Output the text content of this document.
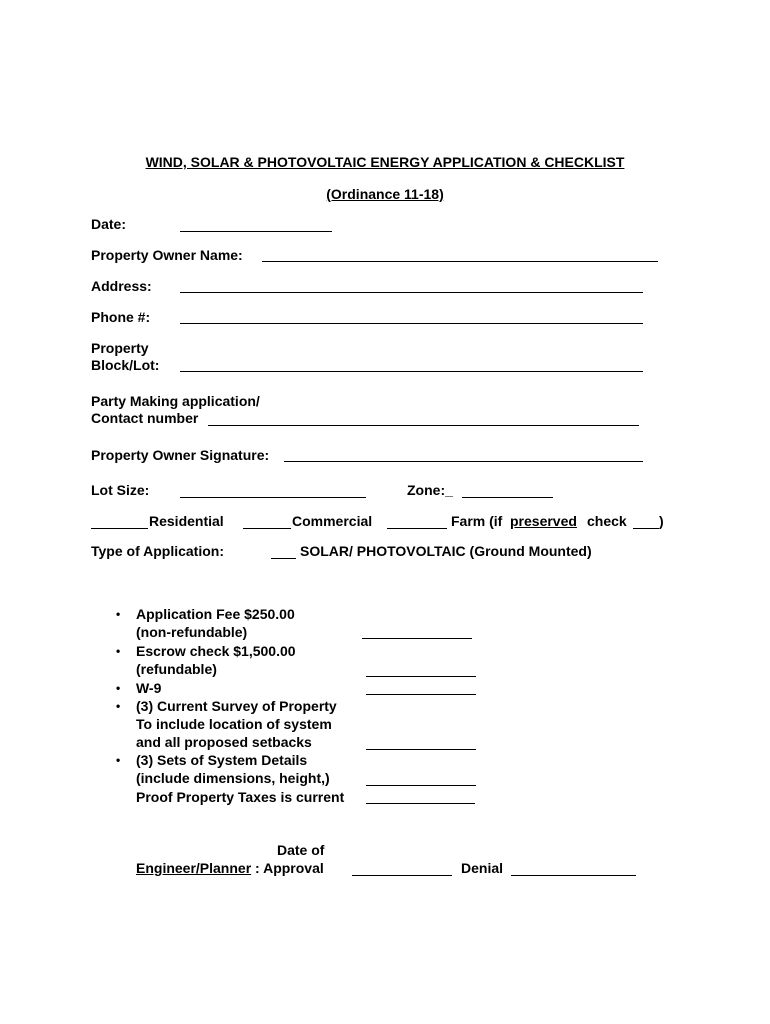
WIND, SOLAR & PHOTOVOLTAIC ENERGY APPLICATION & CHECKLIST
(Ordinance 11-18)
Date:
Property Owner Name:
Address:
Phone #:
Property
Block/Lot:
Party Making application/
Contact number
Property Owner Signature:
Lot Size:	Zone:_
Residential	Commercial	Farm (if preserved check )
Type of Application:	SOLAR/ PHOTOVOLTAIC (Ground Mounted)
• Application Fee $250.00
(non-refundable)
• Escrow check $1,500.00
(refundable)
• W-9
• (3) Current Survey of Property
To include location of system
and all proposed setbacks
• (3) Sets of System Details
(include dimensions, height,)
Proof Property Taxes is current
Date of
Engineer/Planner : Approval	Denial
